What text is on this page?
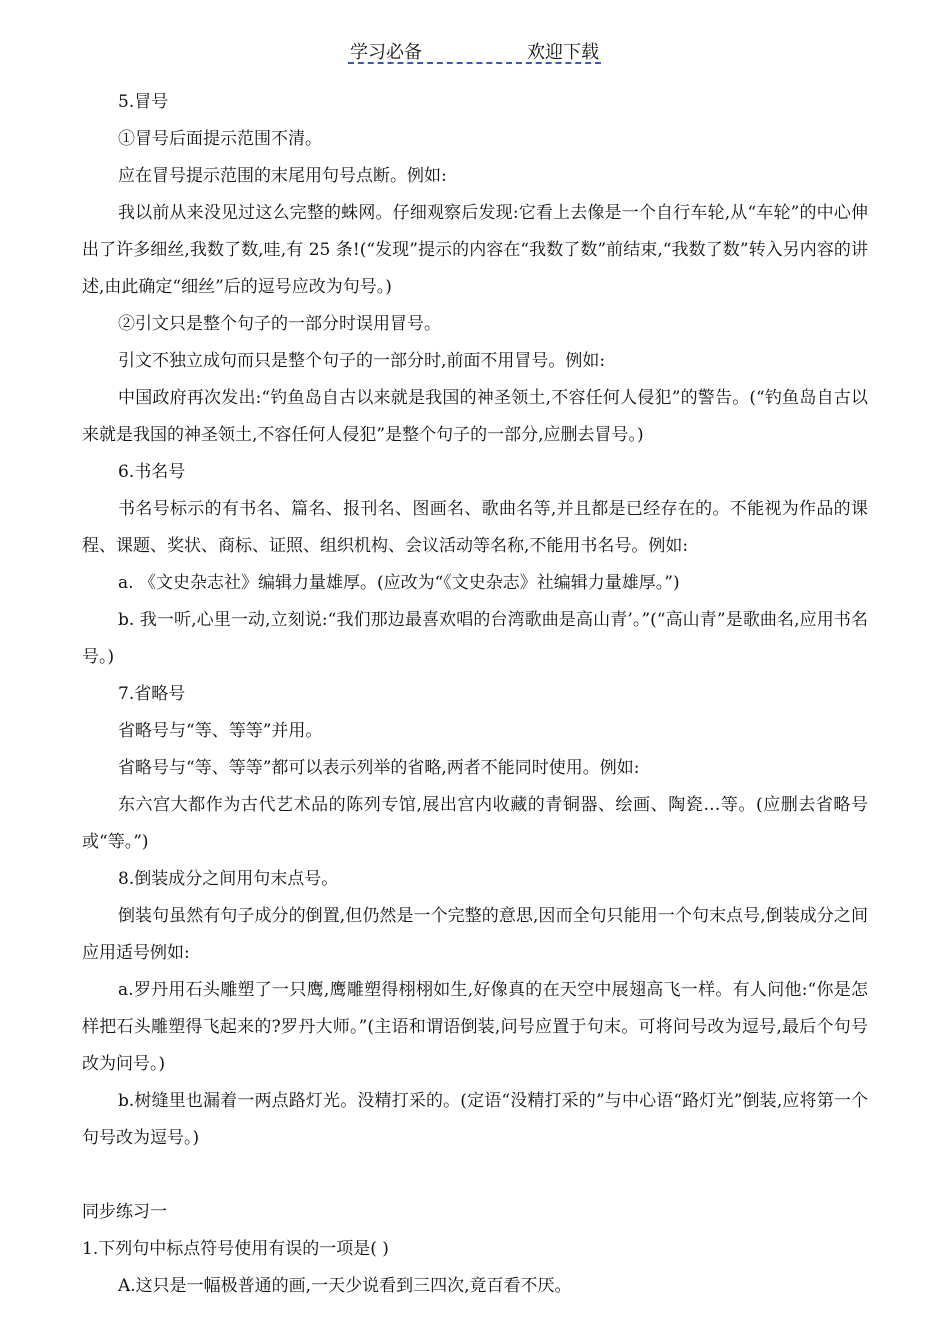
学习必备	欢迎下载

5.冒号

①冒号后面提示范围不清。

应在冒号提示范围的末尾用句号点断。例如:

我以前从来没见过这么完整的蛛网。仔细观察后发现:它看上去像是一个自行车轮,从“车轮”的中心伸出了许多细丝,我数了数,哇,有 25 条!(“发现”提示的内容在“我数了数”前结束,“我数了数”转入另内容的讲述,由此确定“细丝”后的逗号应改为句号。)

②引文只是整个句子的一部分时误用冒号。

引文不独立成句而只是整个句子的一部分时,前面不用冒号。例如:

中国政府再次发出:“钓鱼岛自古以来就是我国的神圣领土,不容任何人侵犯”的警告。(“钓鱼岛自古以来就是我国的神圣领土,不容任何人侵犯”是整个句子的一部分,应删去冒号。)

6.书名号

书名号标示的有书名、篇名、报刊名、图画名、歌曲名等,并且都是已经存在的。不能视为作品的课程、课题、奖状、商标、证照、组织机构、会议活动等名称,不能用书名号。例如:

a. 《文史杂志社》编辑力量雄厚。(应改为“《文史杂志》社编辑力量雄厚。”)

b. 我一听,心里一动,立刻说:“我们那边最喜欢唱的台湾歌曲是高山青’。”(“高山青”是歌曲名,应用书名号。)

7.省略号

省略号与“等、等等”并用。

省略号与“等、等等”都可以表示列举的省略,两者不能同时使用。例如:

东六宫大都作为古代艺术品的陈列专馆,展出宫内收藏的青铜器、绘画、陶瓷…等。(应删去省略号或“等。”)

8.倒装成分之间用句末点号。

倒装句虽然有句子成分的倒置,但仍然是一个完整的意思,因而全句只能用一个句末点号,倒装成分之间应用适号例如:

a.罗丹用石头雕塑了一只鹰,鹰雕塑得栩栩如生,好像真的在天空中展翅高飞一样。有人问他:“你是怎样把石头雕塑得飞起来的?罗丹大师。”(主语和谓语倒装,问号应置于句末。可将问号改为逗号,最后个句号改为问号。)

b.树缝里也漏着一两点路灯光。没精打采的。(定语“没精打采的”与中心语“路灯光”倒装,应将第一个句号改为逗号。)

同步练习一

1.下列句中标点符号使用有误的一项是( )

A.这只是一幅极普通的画,一天少说看到三四次,竟百看不厌。
